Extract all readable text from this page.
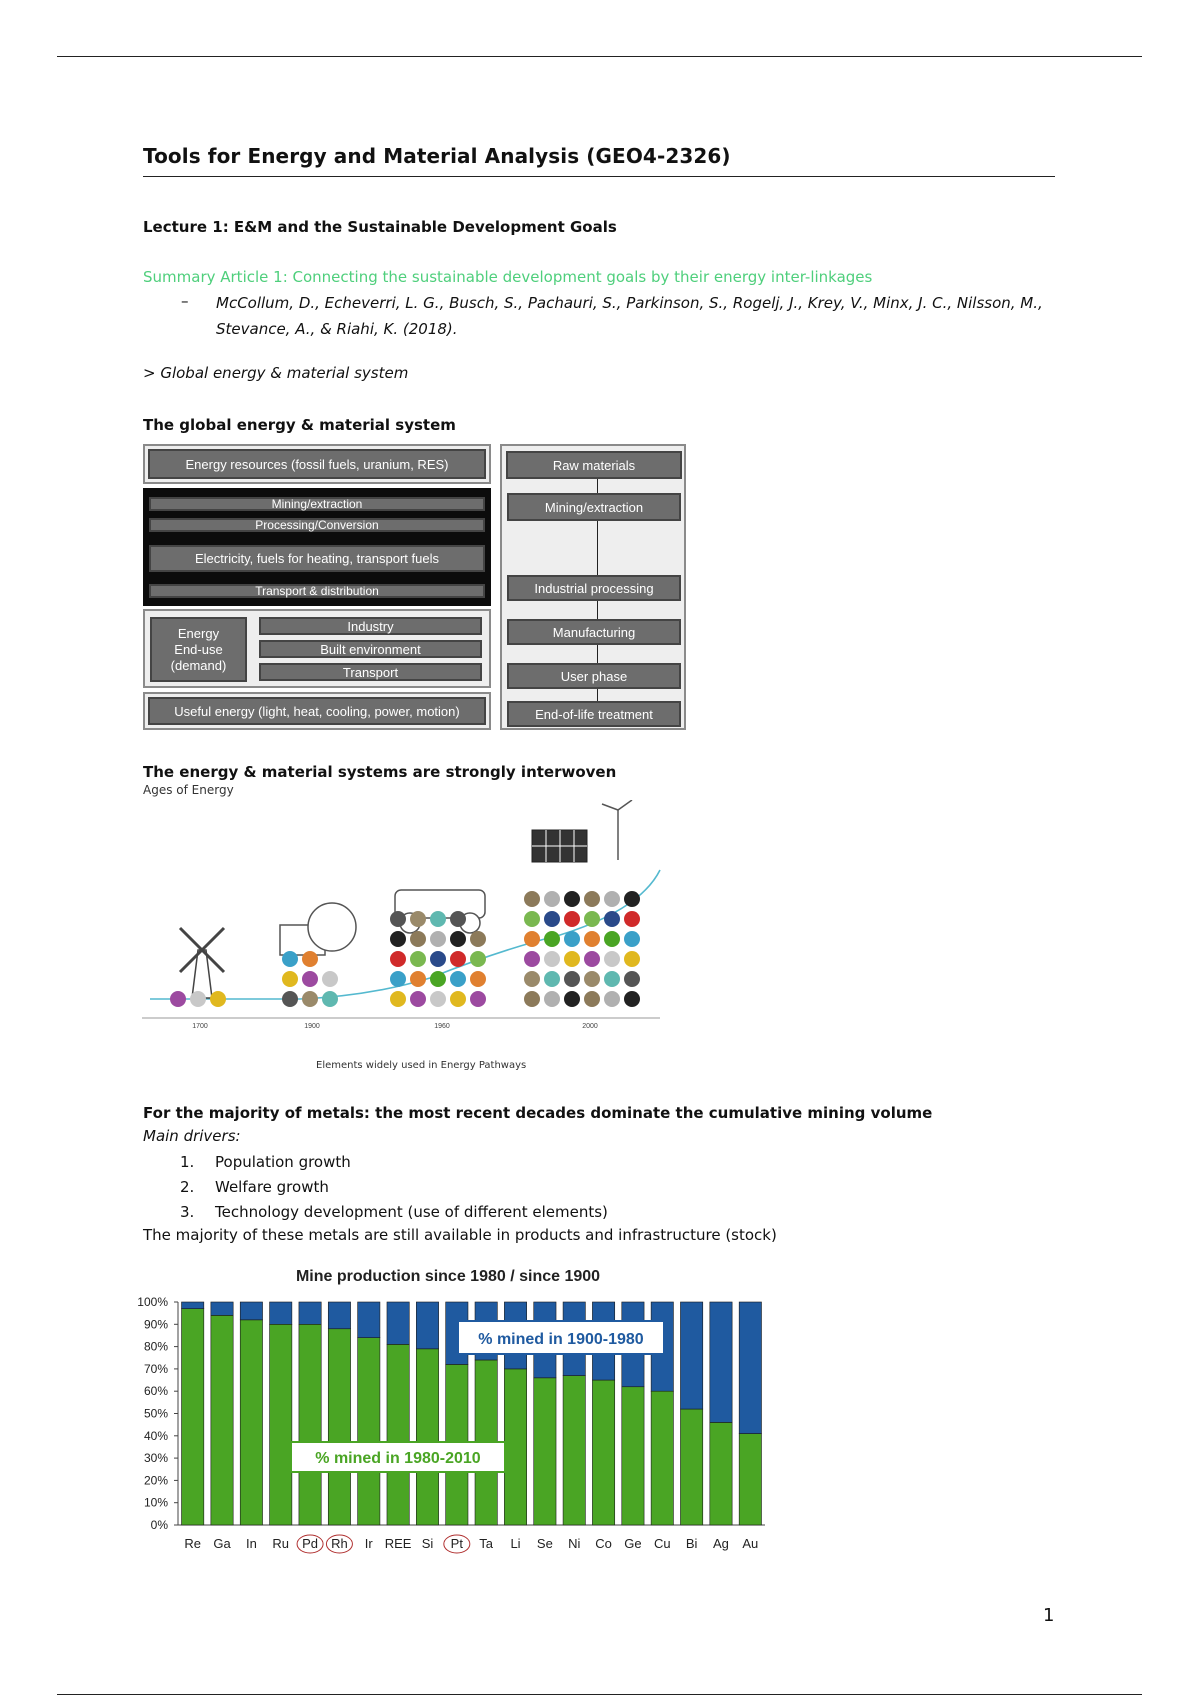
Tools for Energy and Material Analysis (GEO4-2326)
Lecture 1: E&M and the Sustainable Development Goals
Summary Article 1: Connecting the sustainable development goals by their energy inter-linkages
– McCollum, D., Echeverri, L. G., Busch, S., Pachauri, S., Parkinson, S., Rogelj, J., Krey, V., Minx, J. C., Nilsson, M., Stevance, A., & Riahi, K. (2018).
> Global energy & material system
The global energy & material system
Energy resources (fossil fuels, uranium, RES)	Raw materials
Mining/extraction
Processing/Conversion
Electricity, fuels for heating, transport fuels
Transport & distribution
Energy
End-use
(demand)
Industry
Built environment
Transport
Useful energy (light, heat, cooling, power, motion)
Mining/extraction
Industrial processing
Manufacturing
User phase
End-of-life treatment
The energy & material systems are strongly interwoven
Ages of Energy
1700	1900	1960	2000
Elements widely used in Energy Pathways
For the majority of metals: the most recent decades dominate the cumulative mining volume
Main drivers:
1. Population growth
2. Welfare growth
3. Technology development (use of different elements)
The majority of these metals are still available in products and infrastructure (stock)
Mine production since 1980 / since 1900
0%
10%
20%
30%
40%
50%
60%
70%
80%
90%
100%
Re Ga In Ru Pd Rh Ir REE Si Pt Ta Li Se Ni Co Ge Cu Bi Ag Au
% mined in 1900-1980
% mined in 1980-2010
1
